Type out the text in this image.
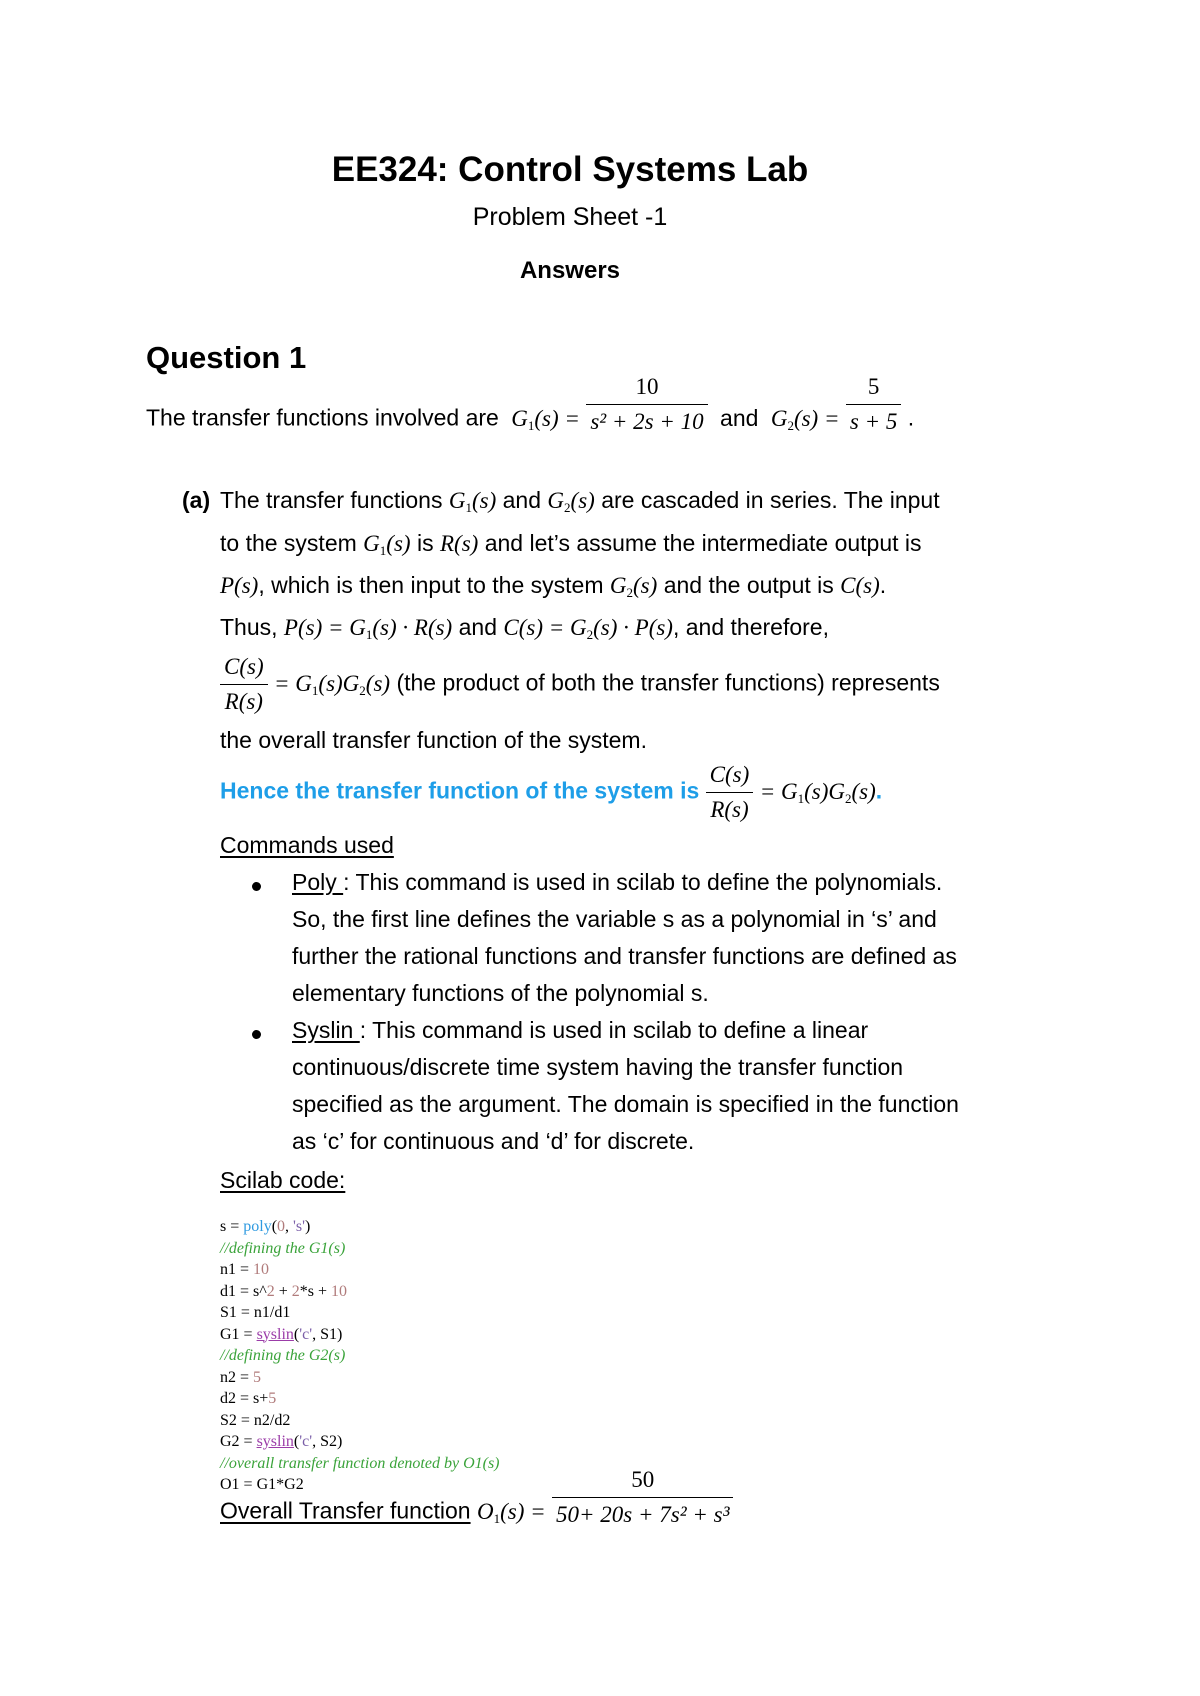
EE324: Control Systems Lab
Problem Sheet -1
Answers
Question 1
The transfer functions involved are $G_1(s) = \frac{10}{\text{s² + 2s + 10}}$ and $G_2(s) = \frac{5}{s + 5}$ .
(a) The transfer functions $G_1(s)$ and $G_2(s)$ are cascaded in series. The input
to the system $G_1(s)$ is R(s) and let’s assume the intermediate output is
P(s), which is then input to the system $G_2(s)$ and the output is C(s).
Thus, $P(s) = G_1(s) \cdot R(s)$ and $C(s) = G_2(s) \cdot P(s)$, and therefore,
$\frac{C(s)}{R(s)} = G_1(s)G_2(s)$ (the product of both the transfer functions) represents
the overall transfer function of the system.
Hence the transfer function of the system is $\frac{C(s)}{R(s)} = G_1(s)G_2(s)$.
Commands used
Poly : This command is used in scilab to define the polynomials.
So, the first line defines the variable s as a polynomial in ‘s’ and
further the rational functions and transfer functions are defined as
elementary functions of the polynomial s.
Syslin : This command is used in scilab to define a linear
continuous/discrete time system having the transfer function
specified as the argument. The domain is specified in the function
as ‘c’ for continuous and ‘d’ for discrete.
Scilab code:
s = poly(0, 's')
//defining the G1(s)
n1 = 10
d1 = s^2 + 2*s + 10
S1 = n1/d1
G1 = syslin('c', S1)
//defining the G2(s)
n2 = 5
d2 = s+5
S2 = n2/d2
G2 = syslin('c', S2)
//overall transfer function denoted by O1(s)
O1 = G1*G2
Overall Transfer function $O_1(s) = \frac{50}{\text{50+ 20s + 7s² + s³}}$
